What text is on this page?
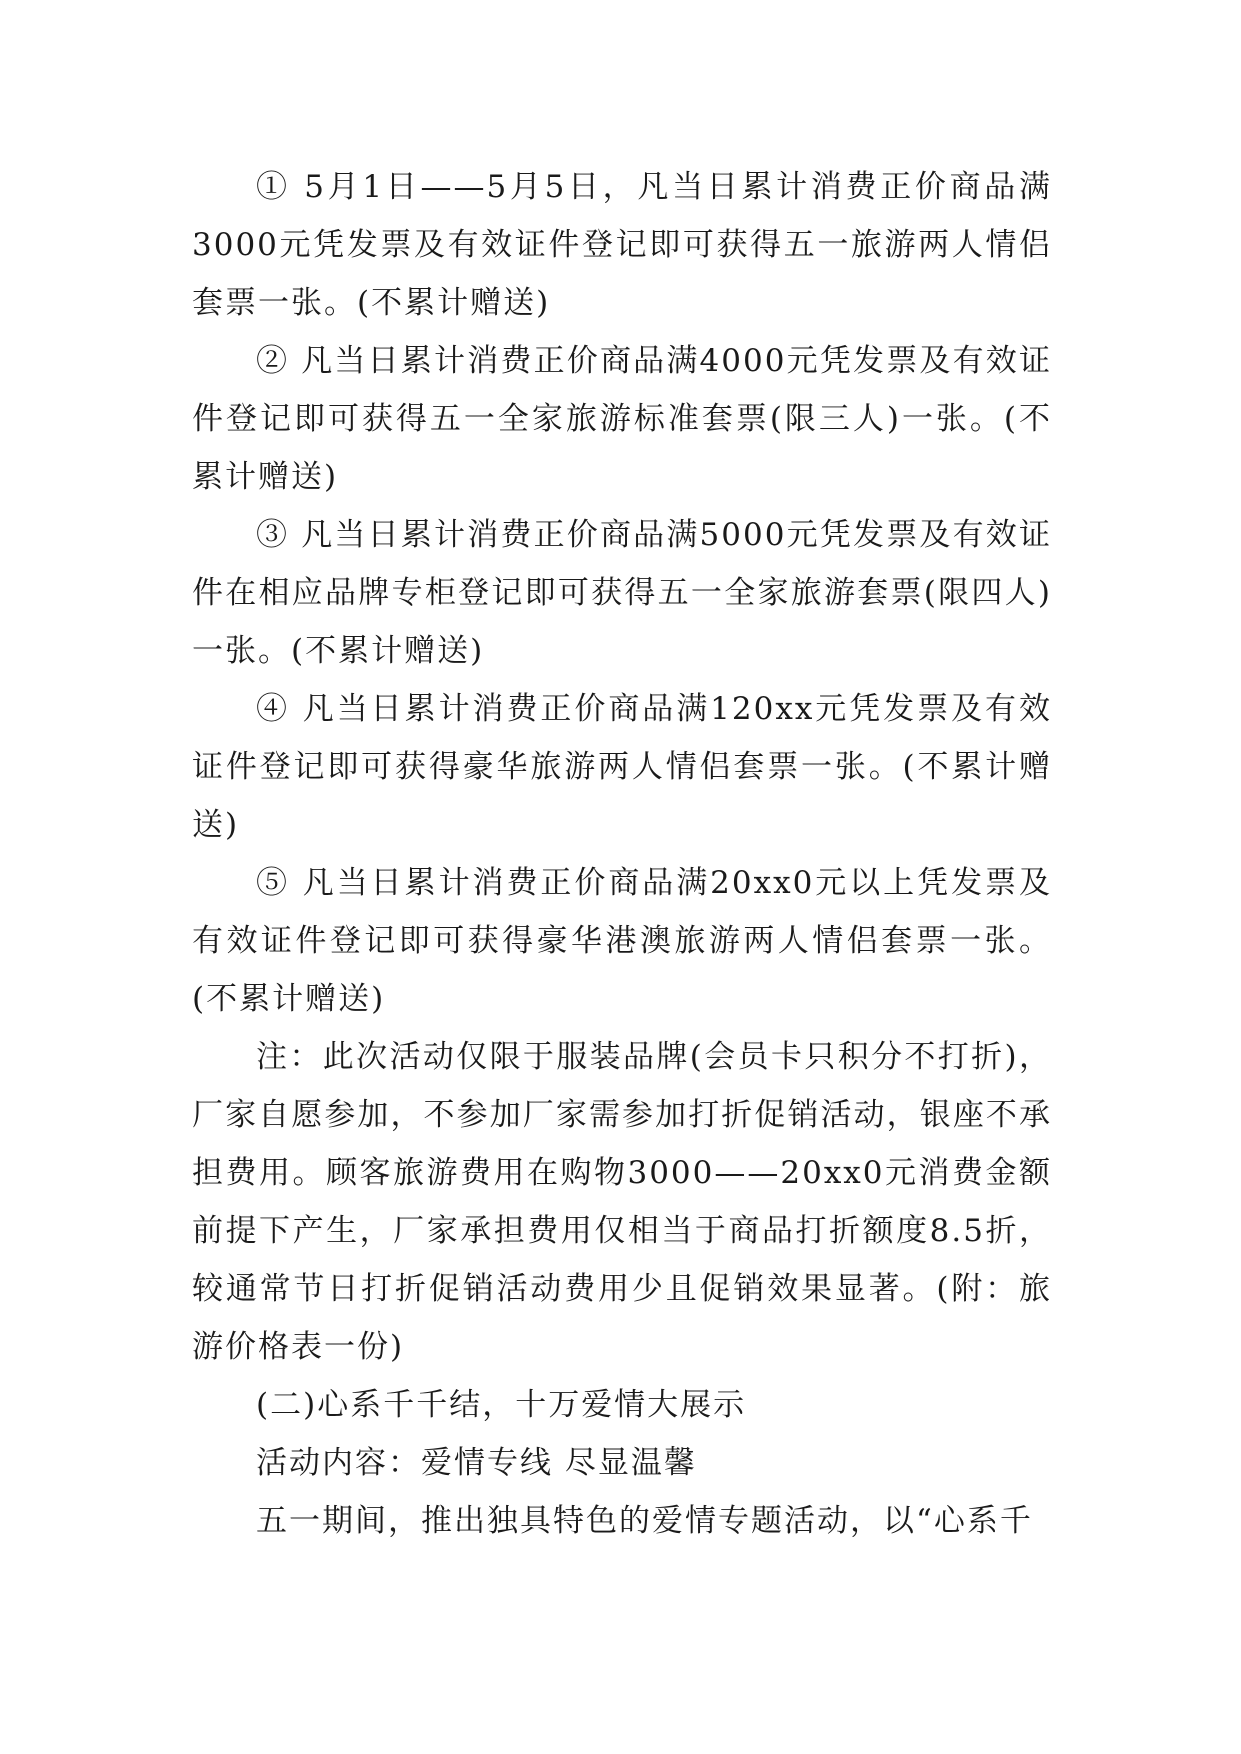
① 5月1日——5月5日，凡当日累计消费正价商品满3000元凭发票及有效证件登记即可获得五一旅游两人情侣套票一张。(不累计赠送)

② 凡当日累计消费正价商品满4000元凭发票及有效证件登记即可获得五一全家旅游标准套票(限三人)一张。(不累计赠送)

③ 凡当日累计消费正价商品满5000元凭发票及有效证件在相应品牌专柜登记即可获得五一全家旅游套票(限四人)一张。(不累计赠送)

④ 凡当日累计消费正价商品满120xx元凭发票及有效证件登记即可获得豪华旅游两人情侣套票一张。(不累计赠送)

⑤ 凡当日累计消费正价商品满20xx0元以上凭发票及有效证件登记即可获得豪华港澳旅游两人情侣套票一张。(不累计赠送)

注：此次活动仅限于服装品牌(会员卡只积分不打折)，厂家自愿参加，不参加厂家需参加打折促销活动，银座不承担费用。顾客旅游费用在购物3000——20xx0元消费金额前提下产生，厂家承担费用仅相当于商品打折额度8.5折，较通常节日打折促销活动费用少且促销效果显著。(附：旅游价格表一份)

(二)心系千千结，十万爱情大展示

活动内容：爱情专线 尽显温馨

五一期间，推出独具特色的爱情专题活动，以“心系千
